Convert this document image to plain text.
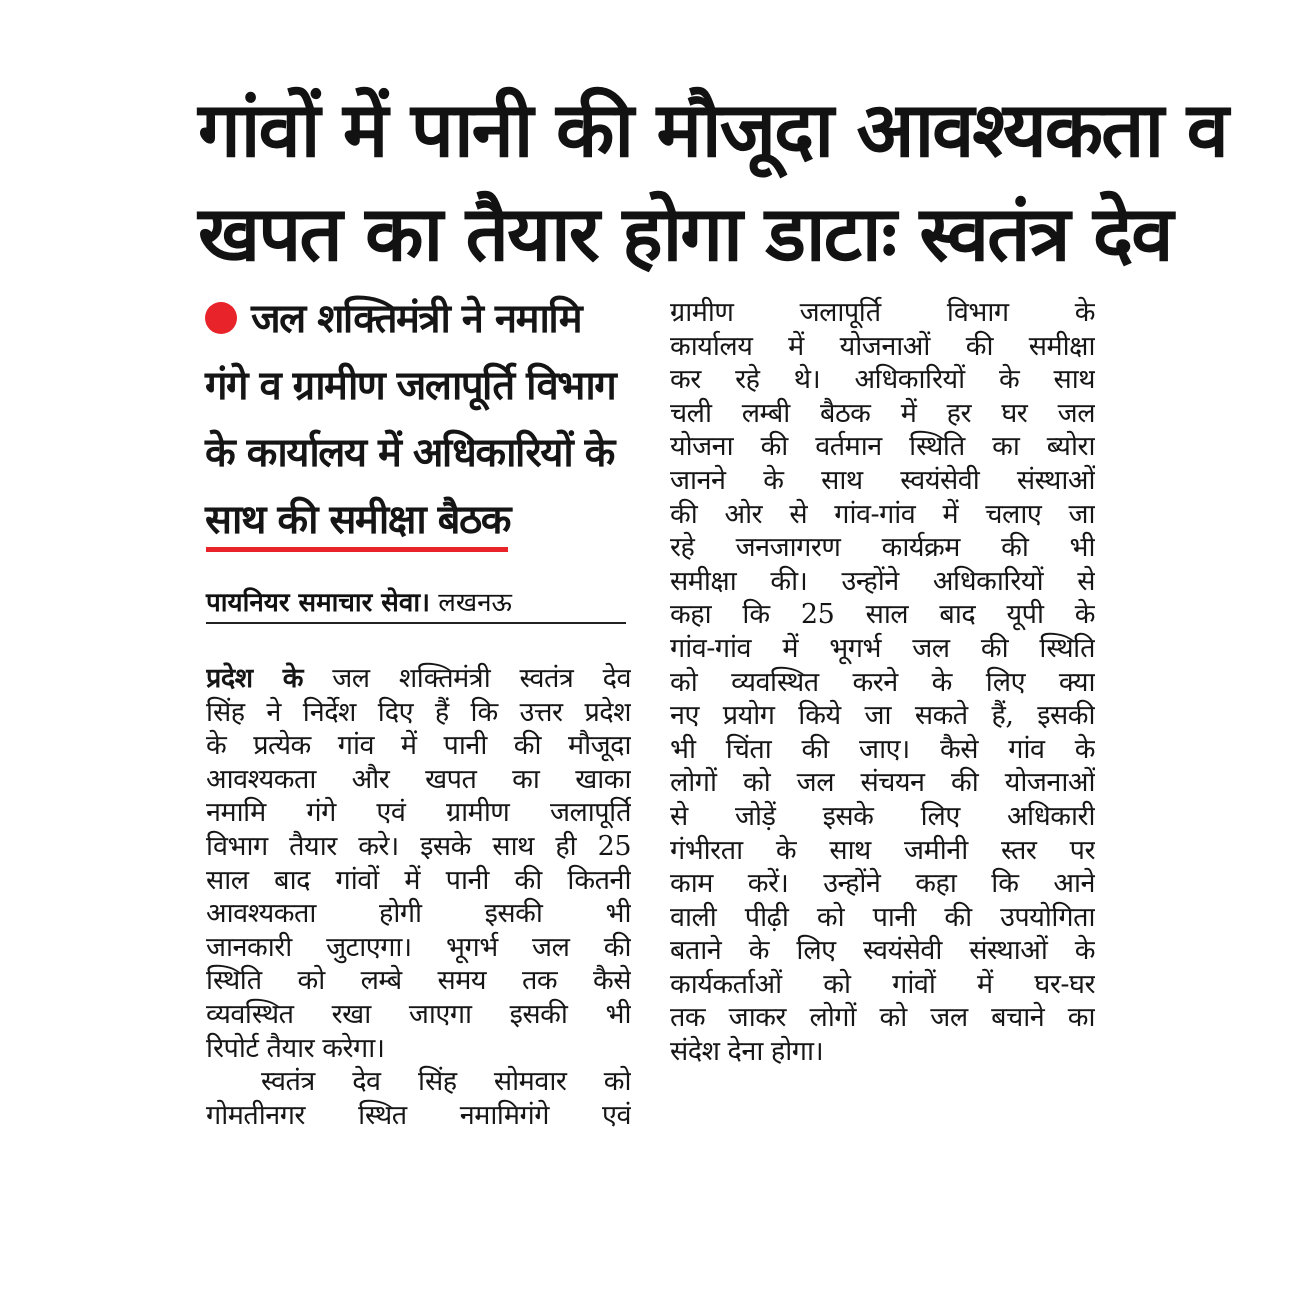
गांवों में पानी की मौजूदा आवश्यकता व
खपत का तैयार होगा डाटाः स्वतंत्र देव
जल शक्तिमंत्री ने नमामि
गंगे व ग्रामीण जलापूर्ति विभाग
के कार्यालय में अधिकारियों के
साथ की समीक्षा बैठक
पायनियर समाचार सेवा। लखनऊ
प्रदेश के जल शक्तिमंत्री स्वतंत्र देव
सिंह ने निर्देश दिए हैं कि उत्तर प्रदेश
के प्रत्येक गांव में पानी की मौजूदा
आवश्यकता और खपत का खाका
नमामि गंगे एवं ग्रामीण जलापूर्ति
विभाग तैयार करे। इसके साथ ही 25
साल बाद गांवों में पानी की कितनी
आवश्यकता होगी इसकी भी
जानकारी जुटाएगा। भूगर्भ जल की
स्थिति को लम्बे समय तक कैसे
व्यवस्थित रखा जाएगा इसकी भी
रिपोर्ट तैयार करेगा।
स्वतंत्र देव सिंह सोमवार को
गोमतीनगर स्थित नमामिगंगे एवं
ग्रामीण जलापूर्ति विभाग के
कार्यालय में योजनाओं की समीक्षा
कर रहे थे। अधिकारियों के साथ
चली लम्बी बैठक में हर घर जल
योजना की वर्तमान स्थिति का ब्योरा
जानने के साथ स्वयंसेवी संस्थाओं
की ओर से गांव-गांव में चलाए जा
रहे जनजागरण कार्यक्रम की भी
समीक्षा की। उन्होंने अधिकारियों से
कहा कि 25 साल बाद यूपी के
गांव-गांव में भूगर्भ जल की स्थिति
को व्यवस्थित करने के लिए क्या
नए प्रयोग किये जा सकते हैं, इसकी
भी चिंता की जाए। कैसे गांव के
लोगों को जल संचयन की योजनाओं
से जोड़ें इसके लिए अधिकारी
गंभीरता के साथ जमीनी स्तर पर
काम करें। उन्होंने कहा कि आने
वाली पीढ़ी को पानी की उपयोगिता
बताने के लिए स्वयंसेवी संस्थाओं के
कार्यकर्ताओं को गांवों में घर-घर
तक जाकर लोगों को जल बचाने का
संदेश देना होगा।
